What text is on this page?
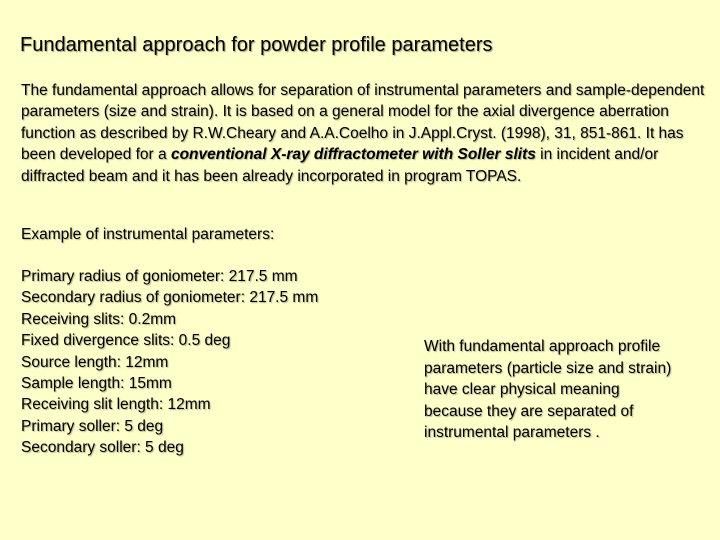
Fundamental approach for powder profile parameters
The fundamental approach allows for separation of instrumental parameters and sample-dependent parameters (size and strain). It is based on a general model for the axial divergence aberration function as described by R.W.Cheary and A.A.Coelho in J.Appl.Cryst. (1998), 31, 851-861. It has been developed for a conventional X-ray diffractometer with Soller slits in incident and/or diffracted beam and it has been already incorporated in program TOPAS.
Example of instrumental parameters:
Primary radius of goniometer: 217.5 mm
Secondary radius of goniometer: 217.5 mm
Receiving slits: 0.2mm
Fixed divergence slits: 0.5 deg
Source length: 12mm
Sample length: 15mm
Receiving slit length: 12mm
Primary soller: 5 deg
Secondary soller: 5 deg
With fundamental approach profile parameters (particle size and strain) have clear physical meaning because they are separated of instrumental parameters .
